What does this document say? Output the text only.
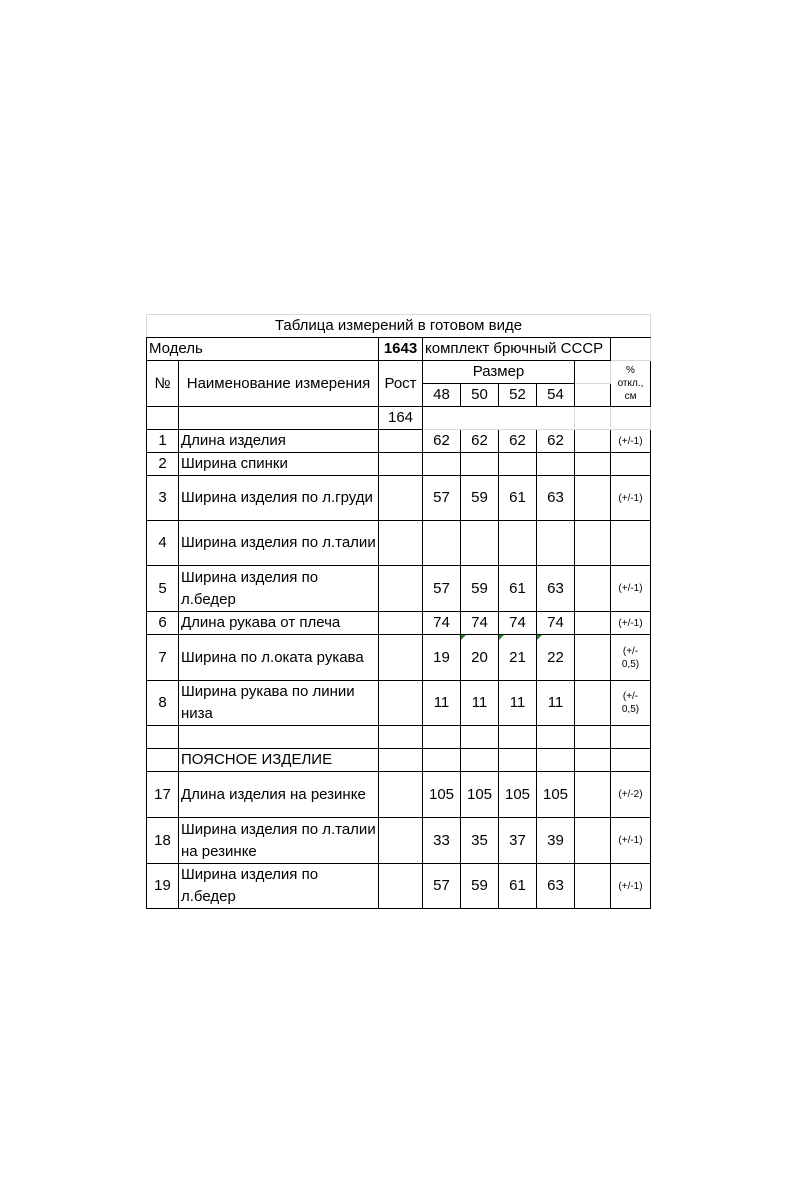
Таблица измерений в готовом виде								
Модель		1643	комплект брючный СССР					
№	Наименование измерения	Рост	Размер					% откл., см
			48	50	52	54		
		164						
1	Длина изделия		62	62	62	62		(+/-1)
2	Ширина спинки							
3	Ширина изделия по л.груди		57	59	61	63		(+/-1)
4	Ширина изделия по л.талии							
5	Ширина изделия по л.бедер		57	59	61	63		(+/-1)
6	Длина рукава от плеча		74	74	74	74		(+/-1)
7	Ширина по л.оката рукава		19	20	21	22		(+/- 0,5)
8	Ширина рукава по линии низа		11	11	11	11		(+/- 0,5)

	ПОЯСНОЕ ИЗДЕЛИЕ							
17	Длина изделия на резинке		105	105	105	105		(+/-2)
18	Ширина изделия по л.талии на резинке		33	35	37	39		(+/-1)
19	Ширина изделия по л.бедер		57	59	61	63		(+/-1)
